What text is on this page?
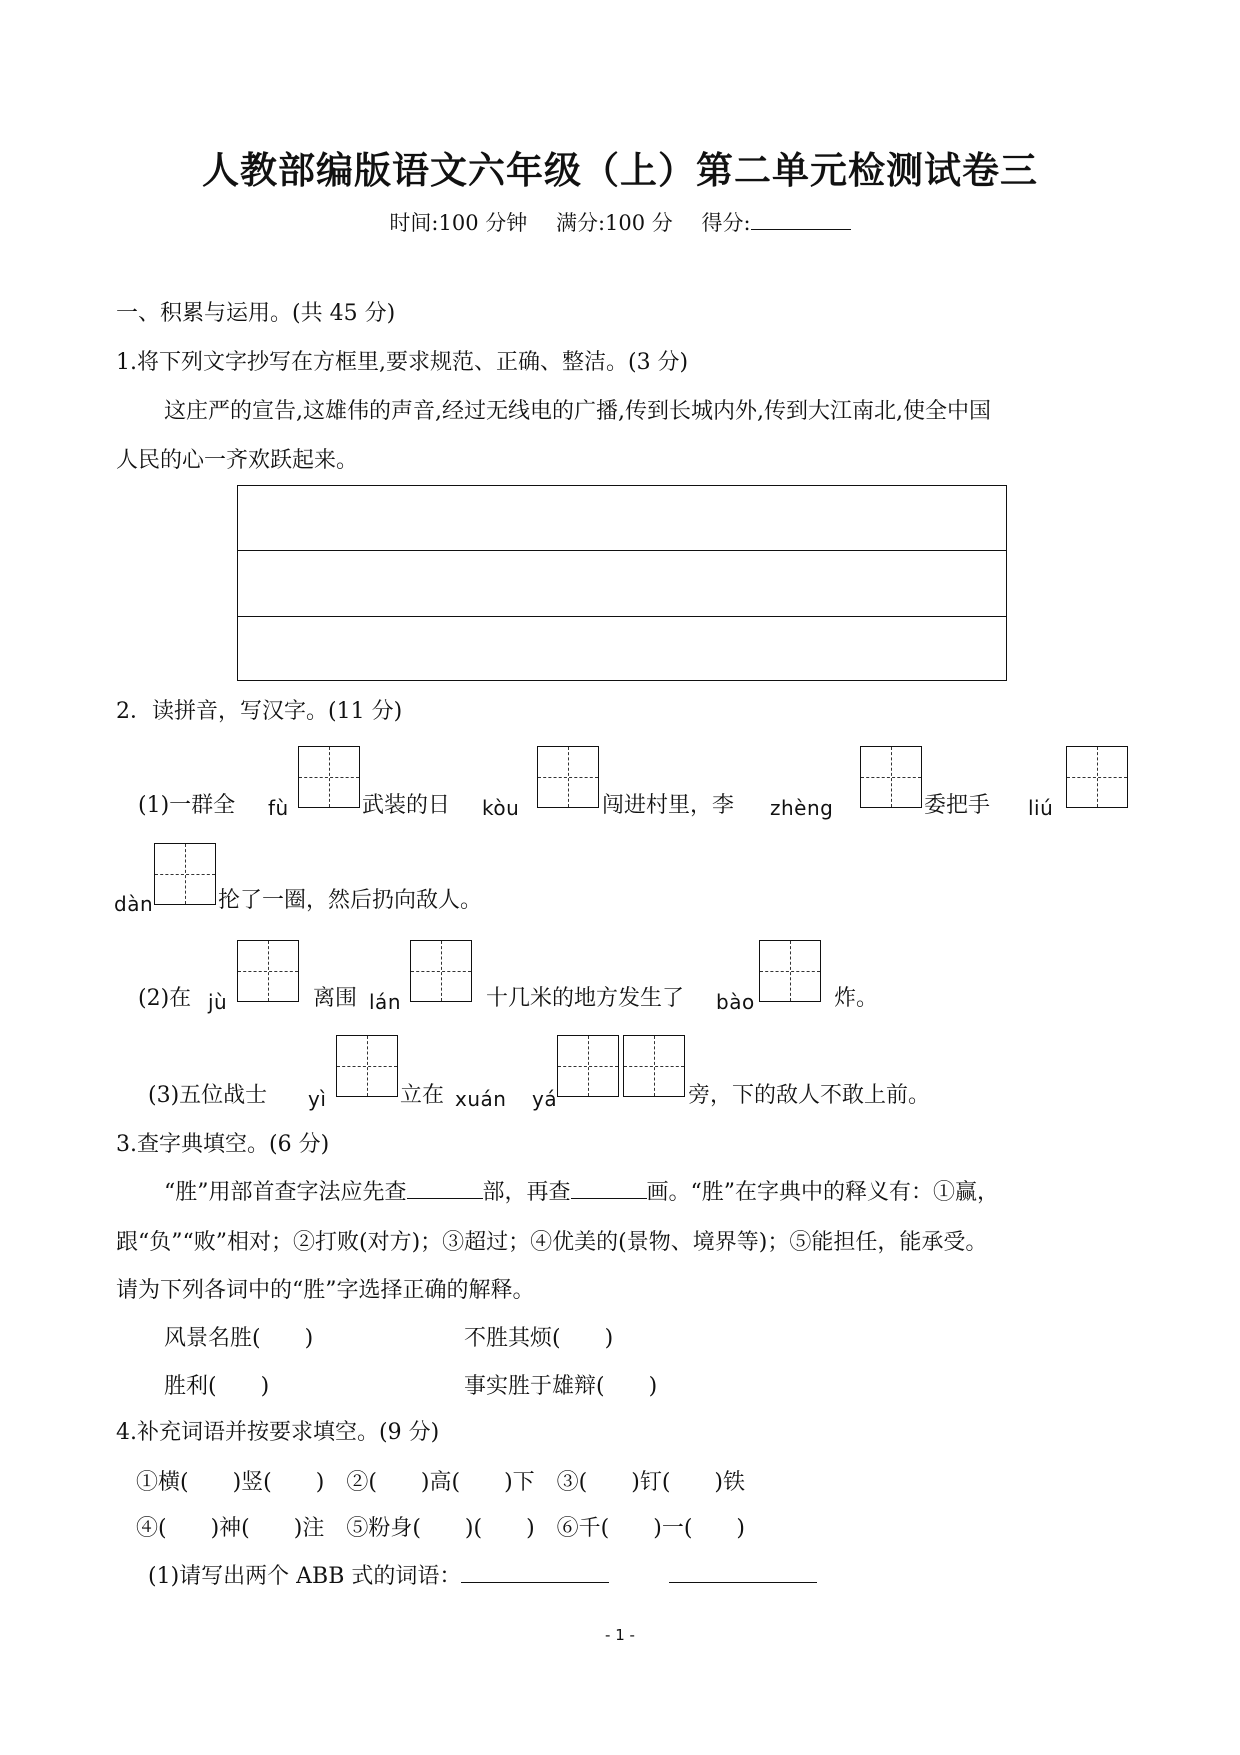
人教部编版语文六年级（上）第二单元检测试卷三
时间:100 分钟 满分:100 分 得分:
一、积累与运用。(共 45 分)
1.将下列文字抄写在方框里,要求规范、正确、整洁。(3 分)
这庄严的宣告,这雄伟的声音,经过无线电的广播,传到长城内外,传到大江南北,使全中国
人民的心一齐欢跃起来。
2．读拼音，写汉字。(11 分)
(1)一群全 fù	武装的日 kòu	闯进村里，李 zhèng	委把手 liú
dàn	抡了一圈，然后扔向敌人。
(2)在 jù	离围 lán	十几米的地方发生了 bào	炸。
(3)五位战士 yì	立在 xuán yá	旁，下的敌人不敢上前。
3.查字典填空。(6 分)
“胜”用部首查字法应先查	部，再查	画。“胜”在字典中的释义有：①赢，
跟“负”“败”相对；②打败(对方)；③超过；④优美的(景物、境界等)；⑤能担任，能承受。
请为下列各词中的“胜”字选择正确的解释。
风景名胜(　　)	不胜其烦(　　)
胜利(　　)	事实胜于雄辩(　　)
4.补充词语并按要求填空。(9 分)
①横(　　)竖(　　)　②(　　)高(　　)下　③(　　)钉(　　)铁
④(　　)神(　　)注　⑤粉身(　　)(　　)　⑥千(　　)一(　　)
(1)请写出两个 ABB 式的词语：
- 1 -
